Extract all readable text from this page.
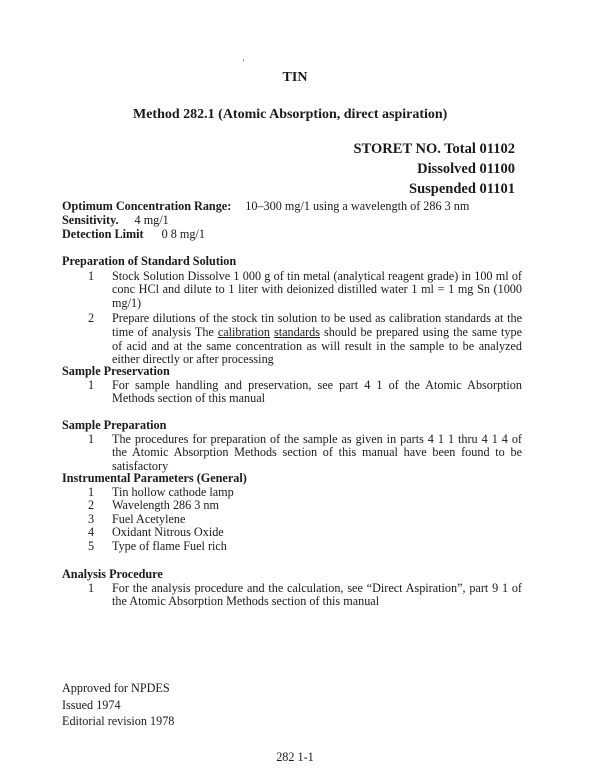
'
TIN
Method 282.1 (Atomic Absorption, direct aspiration)
STORET NO. Total 01102
Dissolved 01100
Suspended 01101
Optimum Concentration Range: 10–300 mg/1 using a wavelength of 286 3 nm
Sensitivity. 4 mg/1
Detection Limit 0 8 mg/1
Preparation of Standard Solution
1	Stock Solution Dissolve 1 000 g of tin metal (analytical reagent grade) in 100 ml of conc HCl and dilute to 1 liter with deionized distilled water 1 ml = 1 mg Sn (1000 mg/1)
2	Prepare dilutions of the stock tin solution to be used as calibration standards at the time of analysis The calibration standards should be prepared using the same type of acid and at the same concentration as will result in the sample to be analyzed either directly or after processing
Sample Preservation
1	For sample handling and preservation, see part 4 1 of the Atomic Absorption Methods section of this manual
Sample Preparation
1	The procedures for preparation of the sample as given in parts 4 1 1 thru 4 1 4 of the Atomic Absorption Methods section of this manual have been found to be satisfactory
Instrumental Parameters (General)
1	Tin hollow cathode lamp
2	Wavelength 286 3 nm
3	Fuel Acetylene
4	Oxidant Nitrous Oxide
5	Type of flame Fuel rich
Analysis Procedure
1	For the analysis procedure and the calculation, see “Direct Aspiration”, part 9 1 of the Atomic Absorption Methods section of this manual
Approved for NPDES
Issued 1974
Editorial revision 1978
282 1-1
